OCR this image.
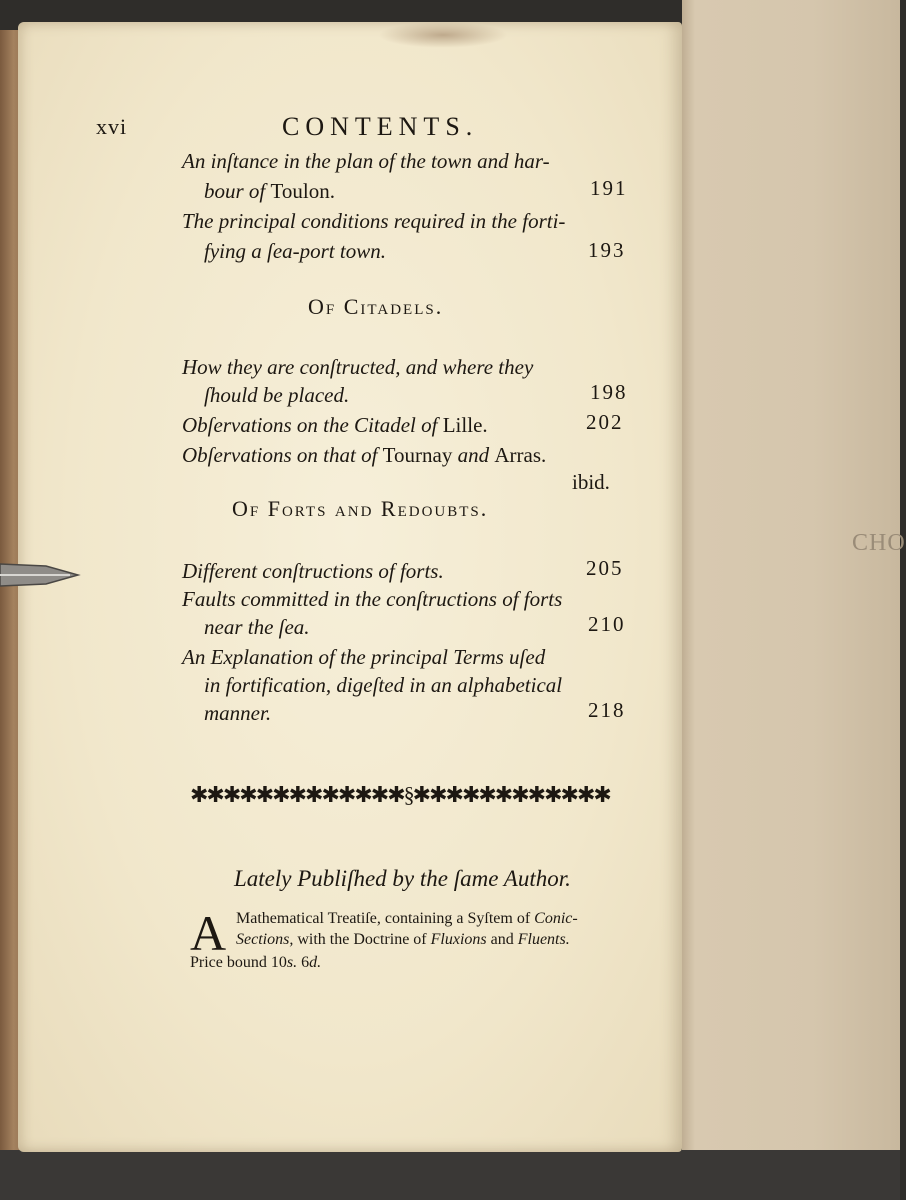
CHO
xvi	CONTENTS.
An inſtance in the plan of the town and har-
bour of Toulon.	191
The principal conditions required in the forti-
fying a ſea-port town.	193
Of Citadels.
How they are conſtructed, and where they
ſhould be placed.	198
Obſervations on the Citadel of Lille.	202
Obſervations on that of Tournay and Arras.
ibid.
Of Forts and Redoubts.
Different conſtructions of forts.	205
Faults committed in the conſtructions of forts
near the ſea.	210
An Explanation of the principal Terms uſed
in fortification, digeſted in an alphabetical
manner.	218
✱✱✱✱✱✱✱✱✱✱✱✱✱§✱✱✱✱✱✱✱✱✱✱✱✱
Lately Publiſhed by the ſame Author.
A Mathematical Treatiſe, containing a Syſtem of Conic-
Sections, with the Doctrine of Fluxions and Fluents.
Price bound 10s. 6d.
